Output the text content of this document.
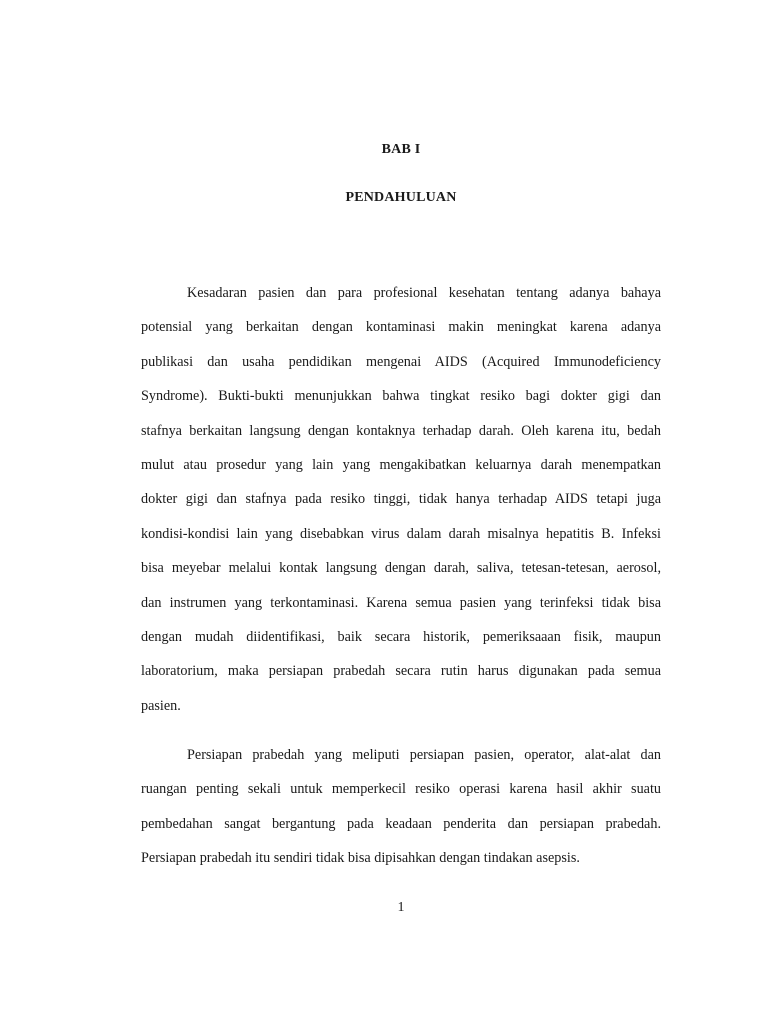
BAB I
PENDAHULUAN
Kesadaran pasien dan para profesional kesehatan tentang adanya bahaya
potensial yang berkaitan dengan kontaminasi makin meningkat karena adanya
publikasi dan usaha pendidikan mengenai AIDS (Acquired Immunodeficiency
Syndrome). Bukti-bukti menunjukkan bahwa tingkat resiko bagi dokter gigi dan
stafnya berkaitan langsung dengan kontaknya terhadap darah. Oleh karena itu, bedah
mulut atau prosedur yang lain yang mengakibatkan keluarnya darah menempatkan
dokter gigi dan stafnya pada resiko tinggi, tidak hanya terhadap AIDS tetapi juga
kondisi-kondisi lain yang disebabkan virus dalam darah misalnya hepatitis B. Infeksi
bisa meyebar melalui kontak langsung dengan darah, saliva, tetesan-tetesan, aerosol,
dan instrumen yang terkontaminasi. Karena semua pasien yang terinfeksi tidak bisa
dengan mudah diidentifikasi, baik secara historik, pemeriksaaan fisik, maupun
laboratorium, maka persiapan prabedah secara rutin harus digunakan pada semua
pasien.
Persiapan prabedah yang meliputi persiapan pasien, operator, alat-alat dan
ruangan penting sekali untuk memperkecil resiko operasi karena hasil akhir suatu
pembedahan sangat bergantung pada keadaan penderita dan persiapan prabedah.
Persiapan prabedah itu sendiri tidak bisa dipisahkan dengan tindakan asepsis.
1
